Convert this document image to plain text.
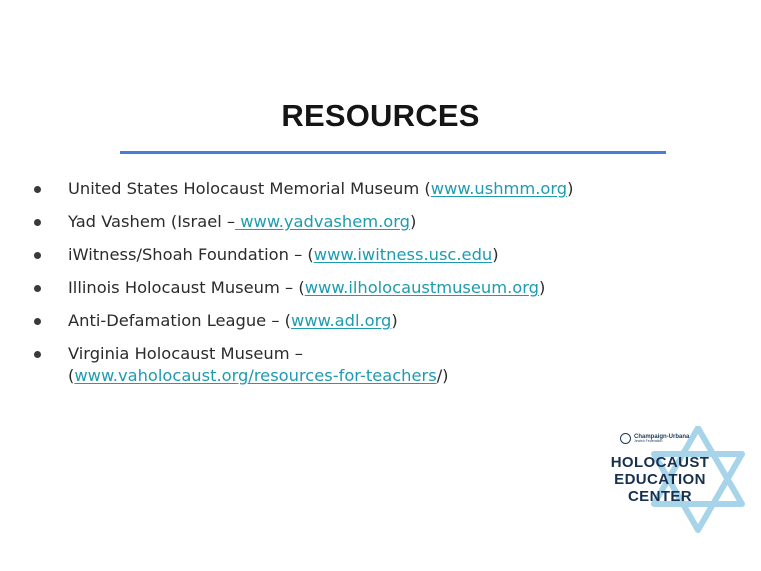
RESOURCES
United States Holocaust Memorial Museum (www.ushmm.org)
Yad Vashem (Israel – www.yadvashem.org)
iWitness/Shoah Foundation – (www.iwitness.usc.edu)
Illinois Holocaust Museum – (www.ilholocaustmuseum.org)
Anti-Defamation League – (www.adl.org)
Virginia Holocaust Museum –
(www.vaholocaust.org/resources-for-teachers/)
Champaign-Urbana
Jewish Federation
HOLOCAUST
EDUCATION
CENTER
